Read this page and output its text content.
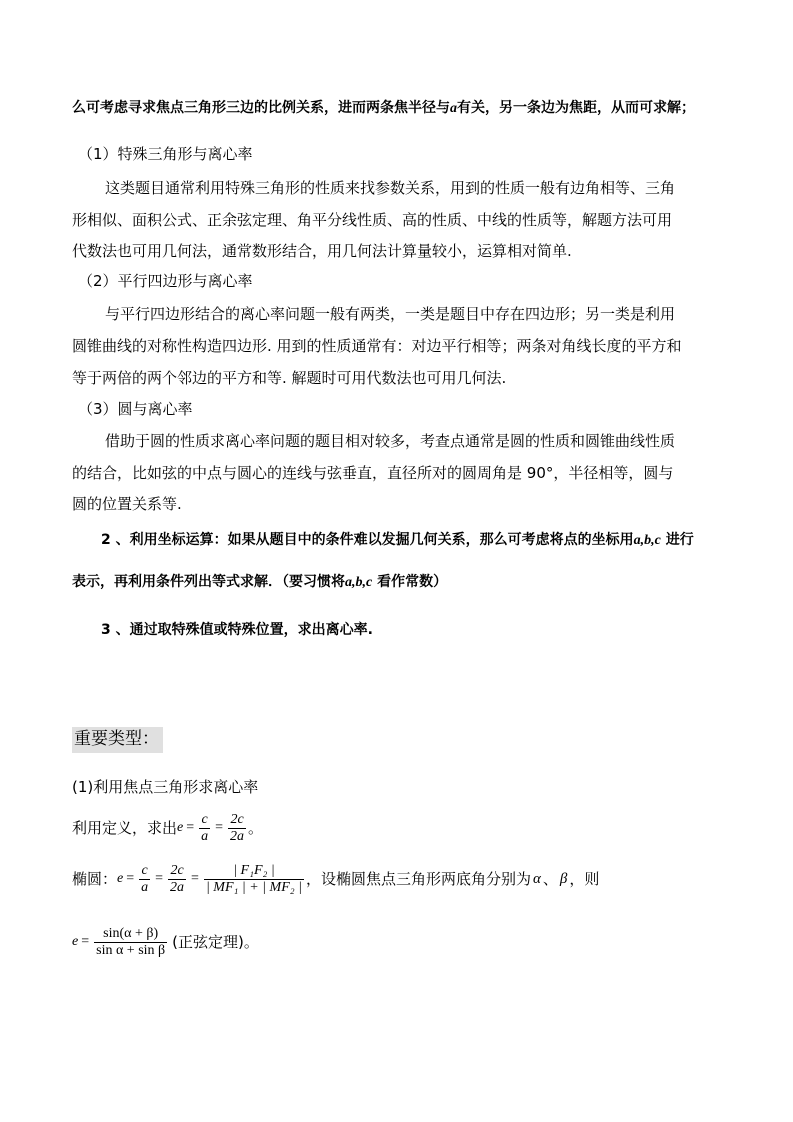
么可考虑寻求焦点三角形三边的比例关系，进而两条焦半径与a有关，另一条边为焦距，从而可求解；
（1）特殊三角形与离心率
这类题目通常利用特殊三角形的性质来找参数关系，用到的性质一般有边角相等、三角
形相似、面积公式、正余弦定理、角平分线性质、高的性质、中线的性质等，解题方法可用
代数法也可用几何法，通常数形结合，用几何法计算量较小，运算相对简单.
（2）平行四边形与离心率
与平行四边形结合的离心率问题一般有两类，一类是题目中存在四边形；另一类是利用
圆锥曲线的对称性构造四边形. 用到的性质通常有：对边平行相等；两条对角线长度的平方和
等于两倍的两个邻边的平方和等. 解题时可用代数法也可用几何法.
（3）圆与离心率
借助于圆的性质求离心率问题的题目相对较多，考查点通常是圆的性质和圆锥曲线性质
的结合，比如弦的中点与圆心的连线与弦垂直，直径所对的圆周角是 90°，半径相等，圆与
圆的位置关系等.
2 、利用坐标运算：如果从题目中的条件难以发掘几何关系，那么可考虑将点的坐标用a,b,c 进行
表示，再利用条件列出等式求解．（要习惯将a,b,c 看作常数）
3 、通过取特殊值或特殊位置，求出离心率.
重要类型：
(1)利用焦点三角形求离心率
利用定义，求出 $e = \frac{c}{a} = \frac{2c}{2a}$ 。
椭圆： $e = \frac{c}{a} = \frac{2c}{2a} = \frac{\text{| F₁F₂ |}}{\text{| MF₁ | + | MF₂ |}}$ ，设椭圆焦点三角形两底角分别为 α 、 β ，则
$e = \frac{\sin(\alpha + \beta)}{\text{sin α + sin β}}$ (正弦定理)。
